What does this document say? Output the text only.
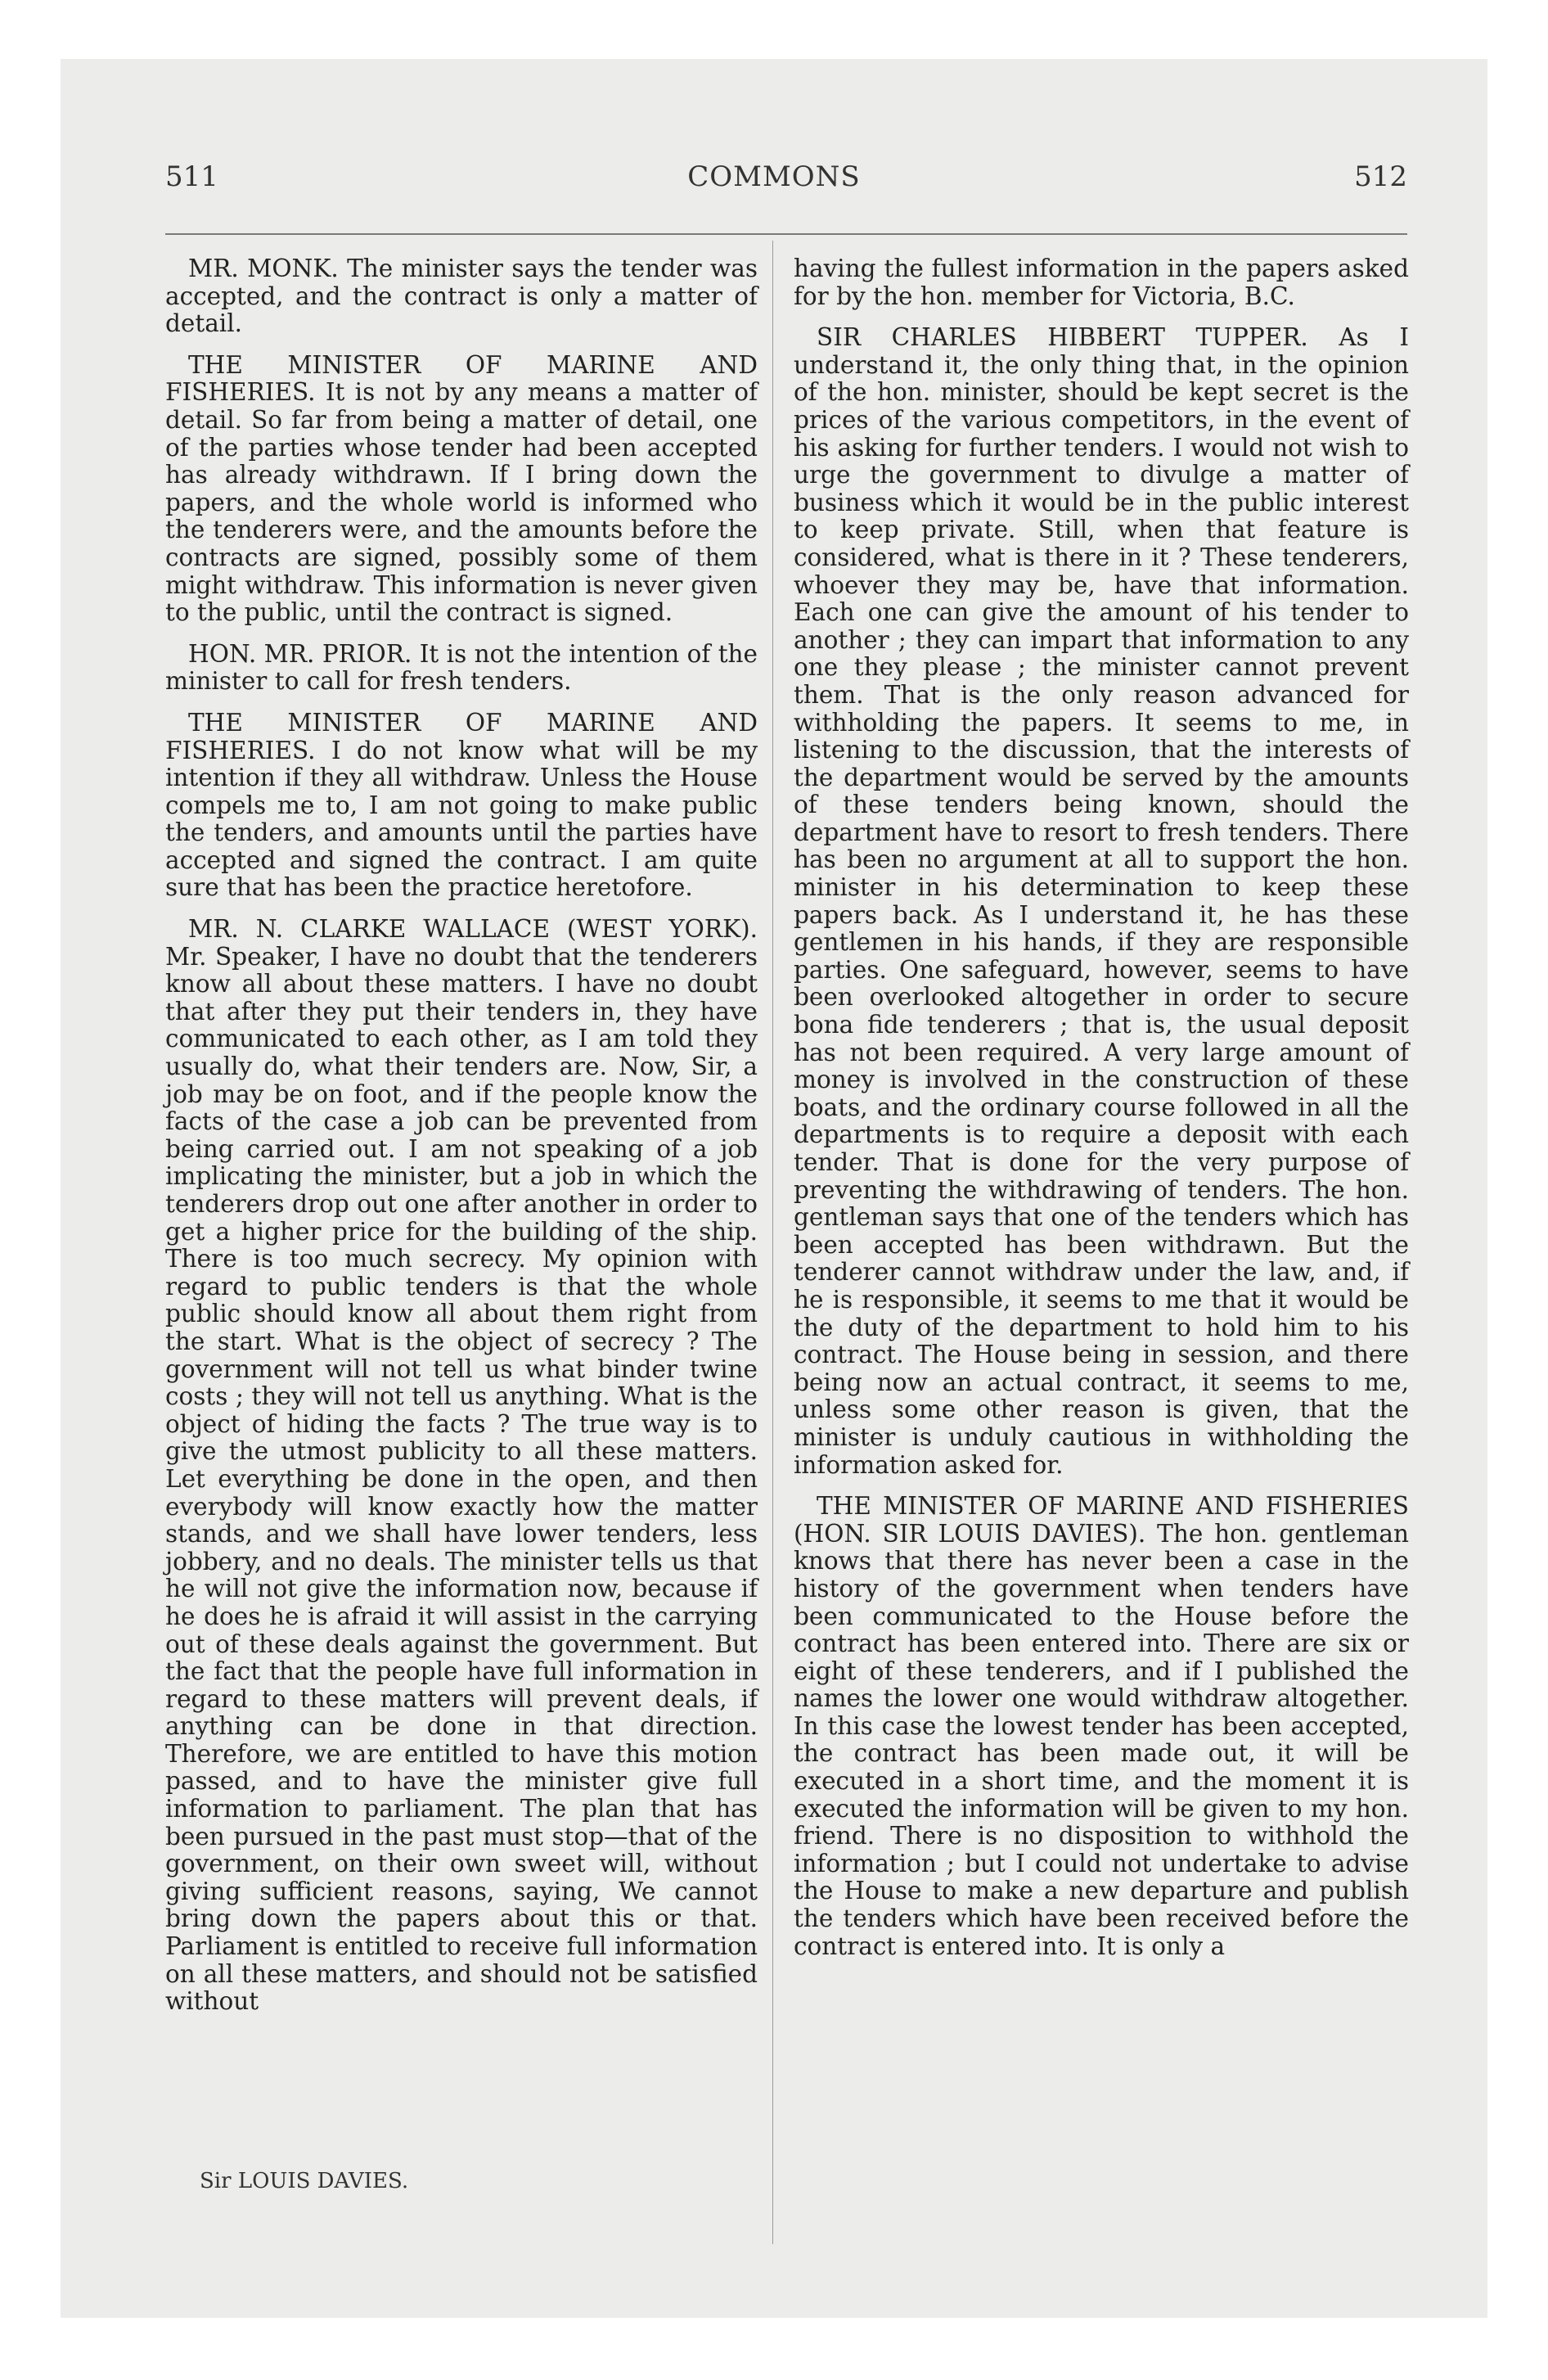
511	COMMONS	512

MR. MONK. The minister says the tender was accepted, and the contract is only a matter of detail.

THE MINISTER OF MARINE AND FISHERIES. It is not by any means a matter of detail. So far from being a matter of detail, one of the parties whose tender had been accepted has already withdrawn. If I bring down the papers, and the whole world is informed who the tenderers were, and the amounts before the contracts are signed, possibly some of them might withdraw. This information is never given to the public, until the contract is signed.

HON. MR. PRIOR. It is not the intention of the minister to call for fresh tenders.

THE MINISTER OF MARINE AND FISHERIES. I do not know what will be my intention if they all withdraw. Unless the House compels me to, I am not going to make public the tenders, and amounts until the parties have accepted and signed the contract. I am quite sure that has been the practice heretofore.

MR. N. CLARKE WALLACE (WEST YORK). Mr. Speaker, I have no doubt that the tenderers know all about these matters. I have no doubt that after they put their tenders in, they have communicated to each other, as I am told they usually do, what their tenders are. Now, Sir, a job may be on foot, and if the people know the facts of the case a job can be prevented from being carried out. I am not speaking of a job implicating the minister, but a job in which the tenderers drop out one after another in order to get a higher price for the building of the ship. There is too much secrecy. My opinion with regard to public tenders is that the whole public should know all about them right from the start. What is the object of secrecy ? The government will not tell us what binder twine costs ; they will not tell us anything. What is the object of hiding the facts ? The true way is to give the utmost publicity to all these matters. Let everything be done in the open, and then everybody will know exactly how the matter stands, and we shall have lower tenders, less jobbery, and no deals. The minister tells us that he will not give the information now, because if he does he is afraid it will assist in the carrying out of these deals against the government. But the fact that the people have full information in regard to these matters will prevent deals, if anything can be done in that direction. Therefore, we are entitled to have this motion passed, and to have the minister give full information to parliament. The plan that has been pursued in the past must stop—that of the government, on their own sweet will, without giving sufficient reasons, saying, We cannot bring down the papers about this or that. Parliament is entitled to receive full information on all these matters, and should not be satisfied without

having the fullest information in the papers asked for by the hon. member for Victoria, B.C.

SIR CHARLES HIBBERT TUPPER. As I understand it, the only thing that, in the opinion of the hon. minister, should be kept secret is the prices of the various competitors, in the event of his asking for further tenders. I would not wish to urge the government to divulge a matter of business which it would be in the public interest to keep private. Still, when that feature is considered, what is there in it ? These tenderers, whoever they may be, have that information. Each one can give the amount of his tender to another ; they can impart that information to any one they please ; the minister cannot prevent them. That is the only reason advanced for withholding the papers. It seems to me, in listening to the discussion, that the interests of the department would be served by the amounts of these tenders being known, should the department have to resort to fresh tenders. There has been no argument at all to support the hon. minister in his determination to keep these papers back. As I understand it, he has these gentlemen in his hands, if they are responsible parties. One safeguard, however, seems to have been overlooked altogether in order to secure bona fide tenderers ; that is, the usual deposit has not been required. A very large amount of money is involved in the construction of these boats, and the ordinary course followed in all the departments is to require a deposit with each tender. That is done for the very purpose of preventing the withdrawing of tenders. The hon. gentleman says that one of the tenders which has been accepted has been withdrawn. But the tenderer cannot withdraw under the law, and, if he is responsible, it seems to me that it would be the duty of the department to hold him to his contract. The House being in session, and there being now an actual contract, it seems to me, unless some other reason is given, that the minister is unduly cautious in withholding the information asked for.

THE MINISTER OF MARINE AND FISHERIES (HON. SIR LOUIS DAVIES). The hon. gentleman knows that there has never been a case in the history of the government when tenders have been communicated to the House before the contract has been entered into. There are six or eight of these tenderers, and if I published the names the lower one would withdraw altogether. In this case the lowest tender has been accepted, the contract has been made out, it will be executed in a short time, and the moment it is executed the information will be given to my hon. friend. There is no disposition to withhold the information ; but I could not undertake to advise the House to make a new departure and publish the tenders which have been received before the contract is entered into. It is only a

Sir LOUIS DAVIES.
